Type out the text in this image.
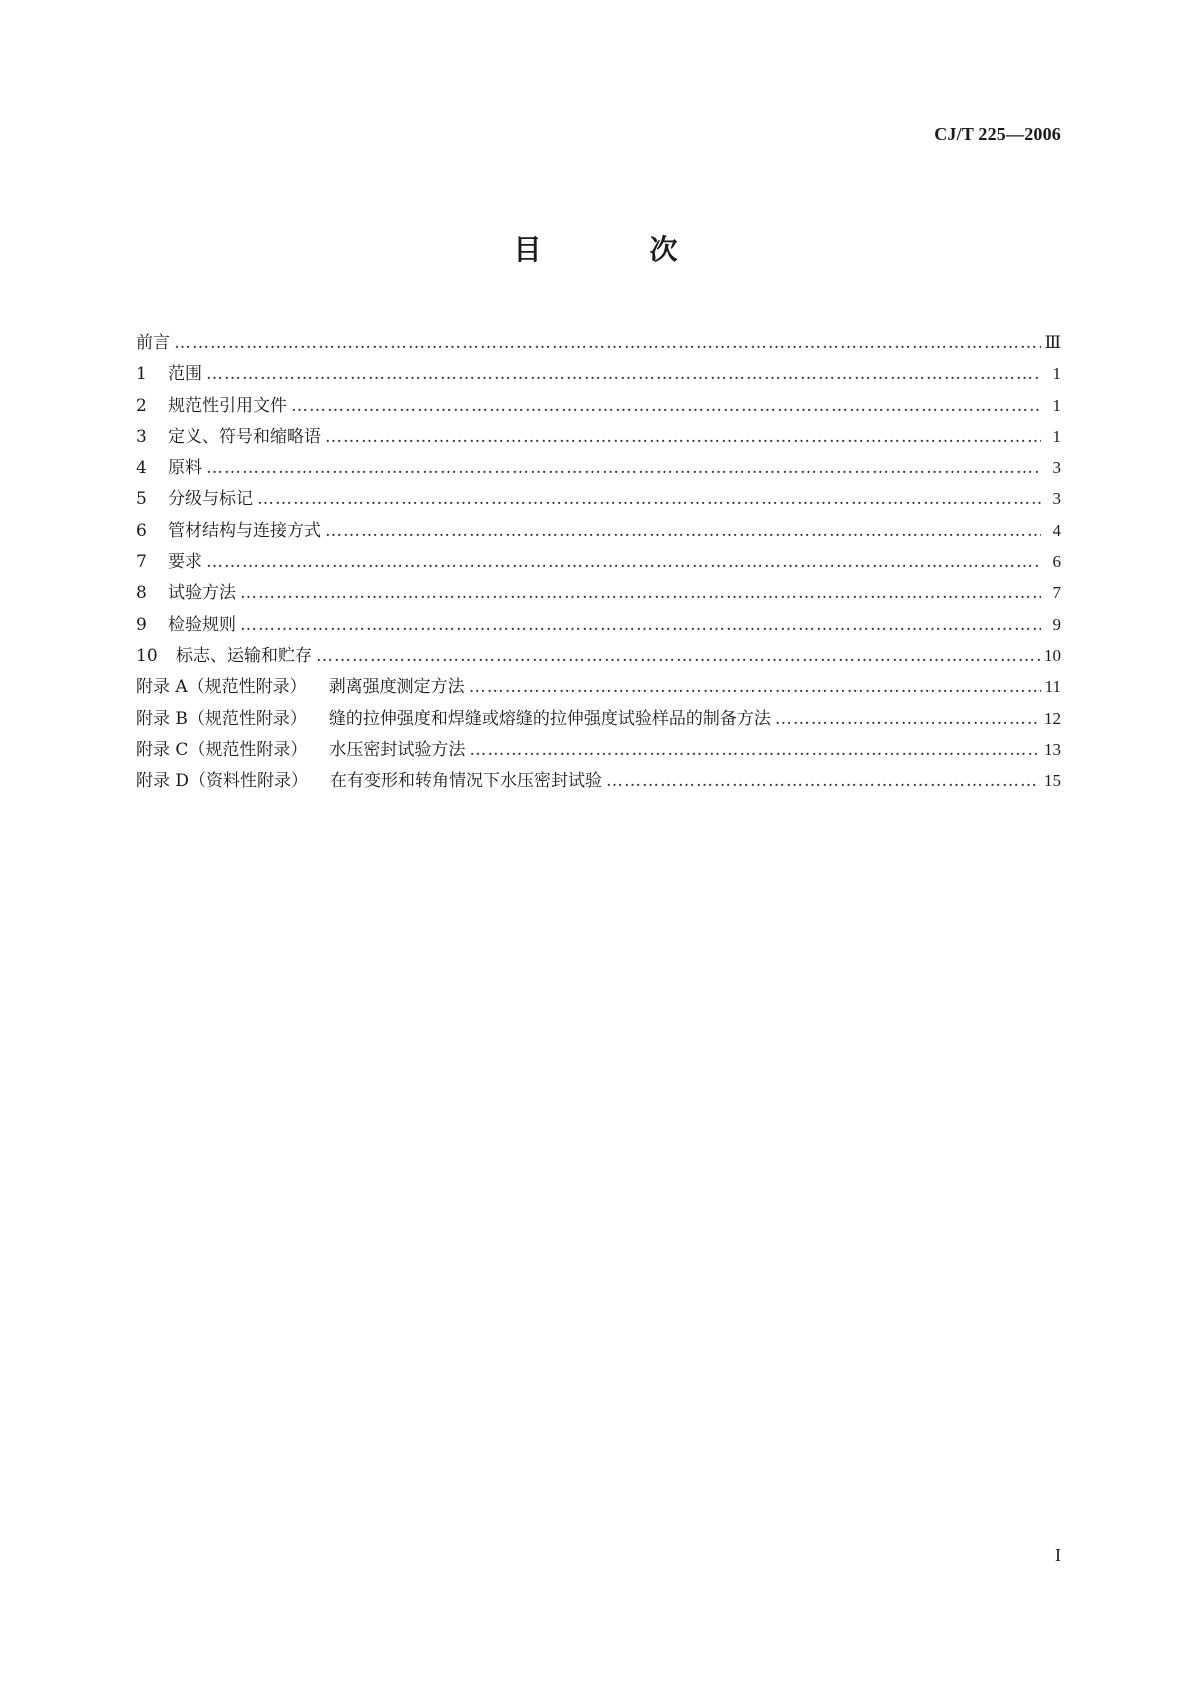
CJ/T 225—2006
目　次
前言 ……………………………………………………………………………………………………………………………………………………………………………………………………………………	Ⅲ
1 范围 ……………………………………………………………………………………………………………………………………………………………………………………………………………………	1
2 规范性引用文件 ……………………………………………………………………………………………………………………………………………………………………………………………………………………	1
3 定义、符号和缩略语 ……………………………………………………………………………………………………………………………………………………………………………………………………………………	1
4 原料 ……………………………………………………………………………………………………………………………………………………………………………………………………………………	3
5 分级与标记 ……………………………………………………………………………………………………………………………………………………………………………………………………………………	3
6 管材结构与连接方式 ……………………………………………………………………………………………………………………………………………………………………………………………………………………	4
7 要求 ……………………………………………………………………………………………………………………………………………………………………………………………………………………	6
8 试验方法 ……………………………………………………………………………………………………………………………………………………………………………………………………………………	7
9 检验规则 ……………………………………………………………………………………………………………………………………………………………………………………………………………………	9
10 标志、运输和贮存 ……………………………………………………………………………………………………………………………………………………………………………………………………………………	10
附录 A（规范性附录） 剥离强度测定方法 ……………………………………………………………………………………………………………………………………………………………………………………………………………………	11
附录 B（规范性附录） 缝的拉伸强度和焊缝或熔缝的拉伸强度试验样品的制备方法 ……………………………………………………………………………………………………………………………………………………………………………………………………………………	12
附录 C（规范性附录） 水压密封试验方法 ……………………………………………………………………………………………………………………………………………………………………………………………………………………	13
附录 D（资料性附录） 在有变形和转角情况下水压密封试验 ……………………………………………………………………………………………………………………………………………………………………………………………………………………	15
I
